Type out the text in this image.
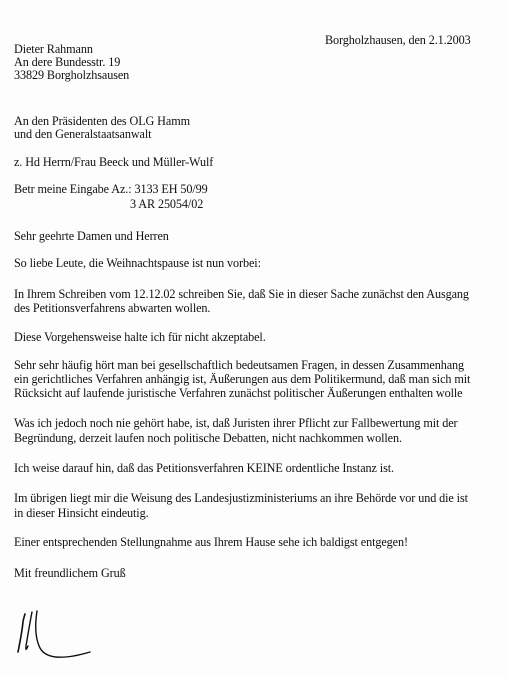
Dieter Rahmann
An dere Bundesstr. 19
33829 Borgholzhsausen
Borgholzhausen, den 2.1.2003
An den Präsidenten des OLG Hamm
und den Generalstaatsanwalt
z. Hd Herrn/Frau Beeck und Müller-Wulf
Betr meine Eingabe Az.: 3133 EH 50/99
3 AR 25054/02
Sehr geehrte Damen und Herren
So liebe Leute, die Weihnachtspause ist nun vorbei:
In Ihrem Schreiben vom 12.12.02 schreiben Sie, daß Sie in dieser Sache zunächst den Ausgang
des Petitionsverfahrens abwarten wollen.
Diese Vorgehensweise halte ich für nicht akzeptabel.
Sehr sehr häufig hört man bei gesellschaftlich bedeutsamen Fragen, in dessen Zusammenhang
ein gerichtliches Verfahren anhängig ist, Äußerungen aus dem Politikermund, daß man sich mit
Rücksicht auf laufende juristische Verfahren zunächst politischer Äußerungen enthalten wolle
Was ich jedoch noch nie gehört habe, ist, daß Juristen ihrer Pflicht zur Fallbewertung mit der
Begründung, derzeit laufen noch politische Debatten, nicht nachkommen wollen.
Ich weise darauf hin, daß das Petitionsverfahren KEINE ordentliche Instanz ist.
Im übrigen liegt mir die Weisung des Landesjustizministeriums an ihre Behörde vor und die ist
in dieser Hinsicht eindeutig.
Einer entsprechenden Stellungnahme aus Ihrem Hause sehe ich baldigst entgegen!
Mit freundlichem Gruß
